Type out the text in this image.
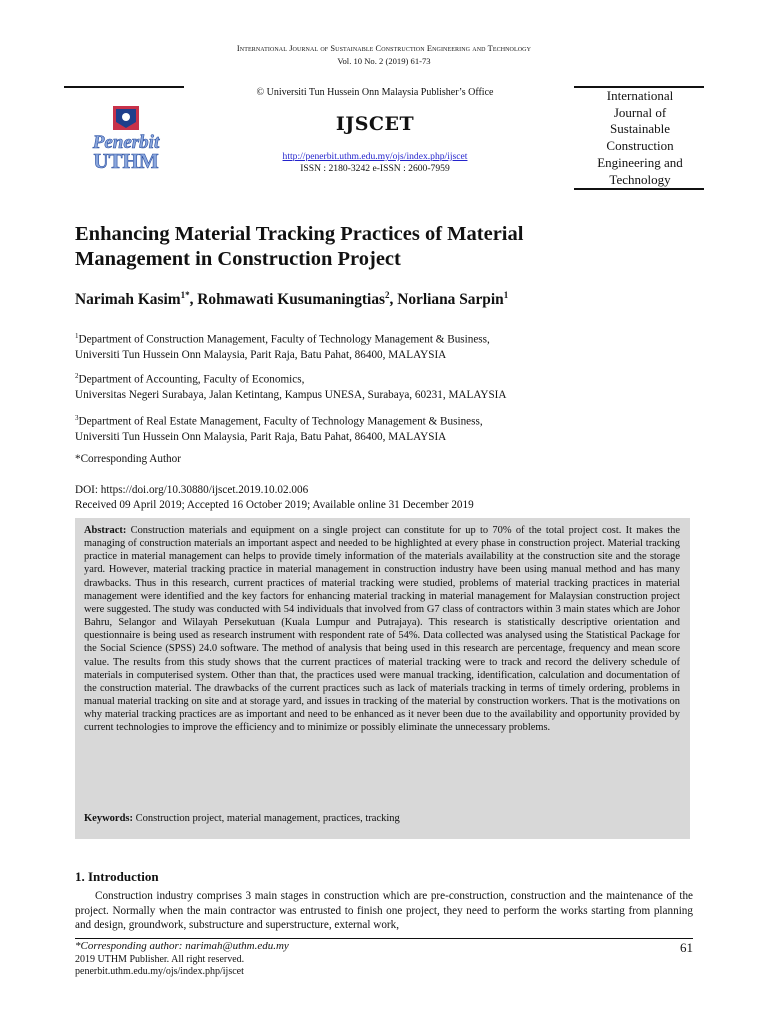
International Journal of Sustainable Construction Engineering and Technology
Vol. 10 No. 2 (2019) 61-73
© Universiti Tun Hussein Onn Malaysia Publisher’s Office
Penerbit
UTHM
IJSCET
http://penerbit.uthm.edu.my/ojs/index.php/ijscet
ISSN : 2180-3242 e-ISSN : 2600-7959
International
Journal of
Sustainable
Construction
Engineering and
Technology
Enhancing Material Tracking Practices of Material
Management in Construction Project
Narimah Kasim$^{1*}$, Rohmawati Kusumaningtias$^2$, Norliana Sarpin$^1$
$^1$Department of Construction Management, Faculty of Technology Management & Business,
Universiti Tun Hussein Onn Malaysia, Parit Raja, Batu Pahat, 86400, MALAYSIA
$^2$Department of Accounting, Faculty of Economics,
Universitas Negeri Surabaya, Jalan Ketintang, Kampus UNESA, Surabaya, 60231, MALAYSIA
$^3$Department of Real Estate Management, Faculty of Technology Management & Business,
Universiti Tun Hussein Onn Malaysia, Parit Raja, Batu Pahat, 86400, MALAYSIA
*Corresponding Author
DOI: https://doi.org/10.30880/ijscet.2019.10.02.006
Received 09 April 2019; Accepted 16 October 2019; Available online 31 December 2019
Abstract: Construction materials and equipment on a single project can constitute for up to 70% of the total project cost. It makes the managing of construction materials an important aspect and needed to be highlighted at every phase in construction project. Material tracking practice in material management can helps to provide timely information of the materials availability at the construction site and the storage yard. However, material tracking practice in material management in construction industry have been using manual method and has many drawbacks. Thus in this research, current practices of material tracking were studied, problems of material tracking practices in material management were identified and the key factors for enhancing material tracking in material management for Malaysian construction project were suggested. The study was conducted with 54 individuals that involved from G7 class of contractors within 3 main states which are Johor Bahru, Selangor and Wilayah Persekutuan (Kuala Lumpur and Putrajaya). This research is statistically descriptive orientation and questionnaire is being used as research instrument with respondent rate of 54%. Data collected was analysed using the Statistical Package for the Social Science (SPSS) 24.0 software. The method of analysis that being used in this research are percentage, frequency and mean score value. The results from this study shows that the current practices of material tracking were to track and record the delivery schedule of materials in computerised system. Other than that, the practices used were manual tracking, identification, calculation and documentation of the construction material. The drawbacks of the current practices such as lack of materials tracking in terms of timely ordering, problems in manual material tracking on site and at storage yard, and issues in tracking of the material by construction workers. That is the motivations on why material tracking practices are as important and need to be enhanced as it never been due to the availability and opportunity provided by current technologies to improve the efficiency and to minimize or possibly eliminate the unnecessary problems.
Keywords: Construction project, material management, practices, tracking
1. Introduction
Construction industry comprises 3 main stages in construction which are pre-construction, construction and the maintenance of the project. Normally when the main contractor was entrusted to finish one project, they need to perform the works starting from planning and design, groundwork, substructure and superstructure, external work,
*Corresponding author: narimah@uthm.edu.my	61
2019 UTHM Publisher. All right reserved.
penerbit.uthm.edu.my/ojs/index.php/ijscet
